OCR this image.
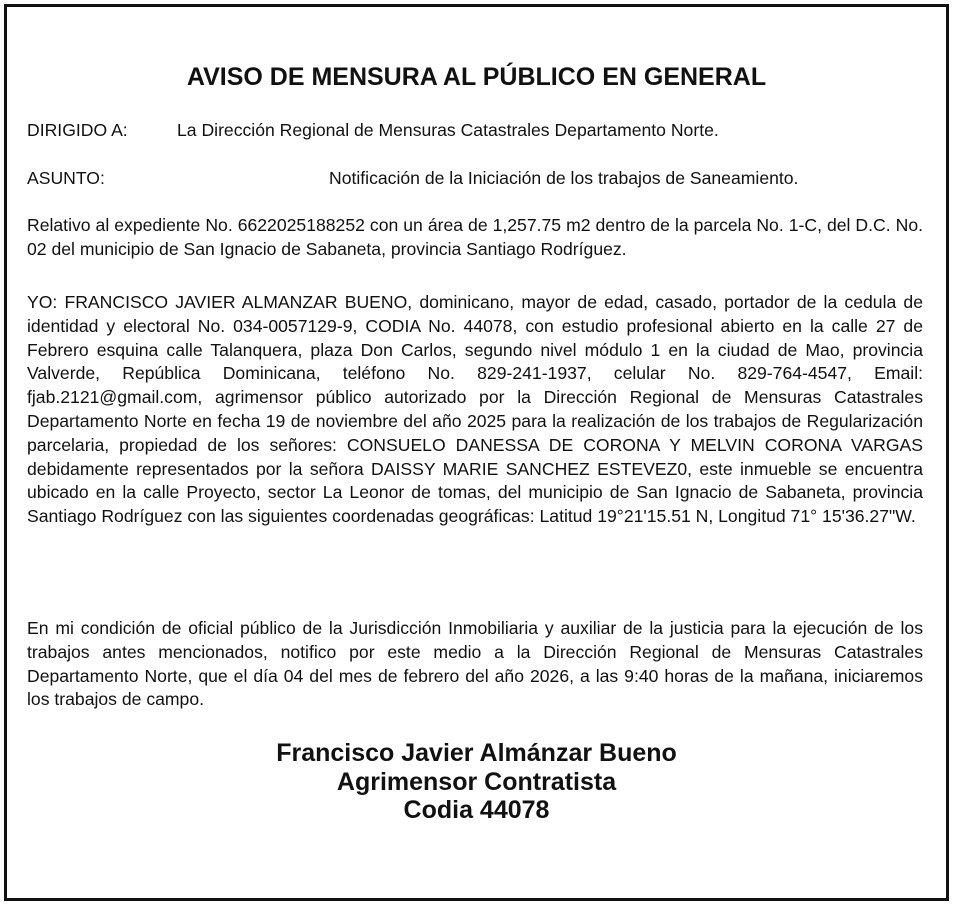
AVISO DE MENSURA AL PÚBLICO EN GENERAL
DIRIGIDO A:	La Dirección Regional de Mensuras Catastrales Departamento Norte.
ASUNTO:	Notificación de la Iniciación de los trabajos de Saneamiento.
Relativo al expediente No. 6622025188252 con un área de 1,257.75 m2 dentro de la parcela No. 1-C, del D.C. No. 02 del municipio de San Ignacio de Sabaneta, provincia Santiago Rodríguez.
YO: FRANCISCO JAVIER ALMANZAR BUENO, dominicano, mayor de edad, casado, portador de la cedula de identidad y electoral No. 034-0057129-9, CODIA No. 44078, con estudio profesional abierto en la calle 27 de Febrero esquina calle Talanquera, plaza Don Carlos, segundo nivel módulo 1 en la ciudad de Mao, provincia Valverde, República Dominicana, teléfono No. 829-241-1937, celular No. 829-764-4547, Email: fjab.2121@gmail.com, agrimensor público autorizado por la Dirección Regional de Mensuras Catastrales Departamento Norte en fecha 19 de noviembre del año 2025 para la realización de los trabajos de Regularización parcelaria, propiedad de los señores: CONSUELO DANESSA DE CORONA Y MELVIN CORONA VARGAS debidamente representados por la señora DAISSY MARIE SANCHEZ ESTEVEZ0, este inmueble se encuentra ubicado en la calle Proyecto, sector La Leonor de tomas, del municipio de San Ignacio de Sabaneta, provincia Santiago Rodríguez con las siguientes coordenadas geográficas: Latitud 19°21'15.51 N, Longitud 71° 15'36.27"W.
En mi condición de oficial público de la Jurisdicción Inmobiliaria y auxiliar de la justicia para la ejecución de los trabajos antes mencionados, notifico por este medio a la Dirección Regional de Mensuras Catastrales Departamento Norte, que el día 04 del mes de febrero del año 2026, a las 9:40 horas de la mañana, iniciaremos los trabajos de campo.
Francisco Javier Almánzar Bueno
Agrimensor Contratista
Codia 44078
